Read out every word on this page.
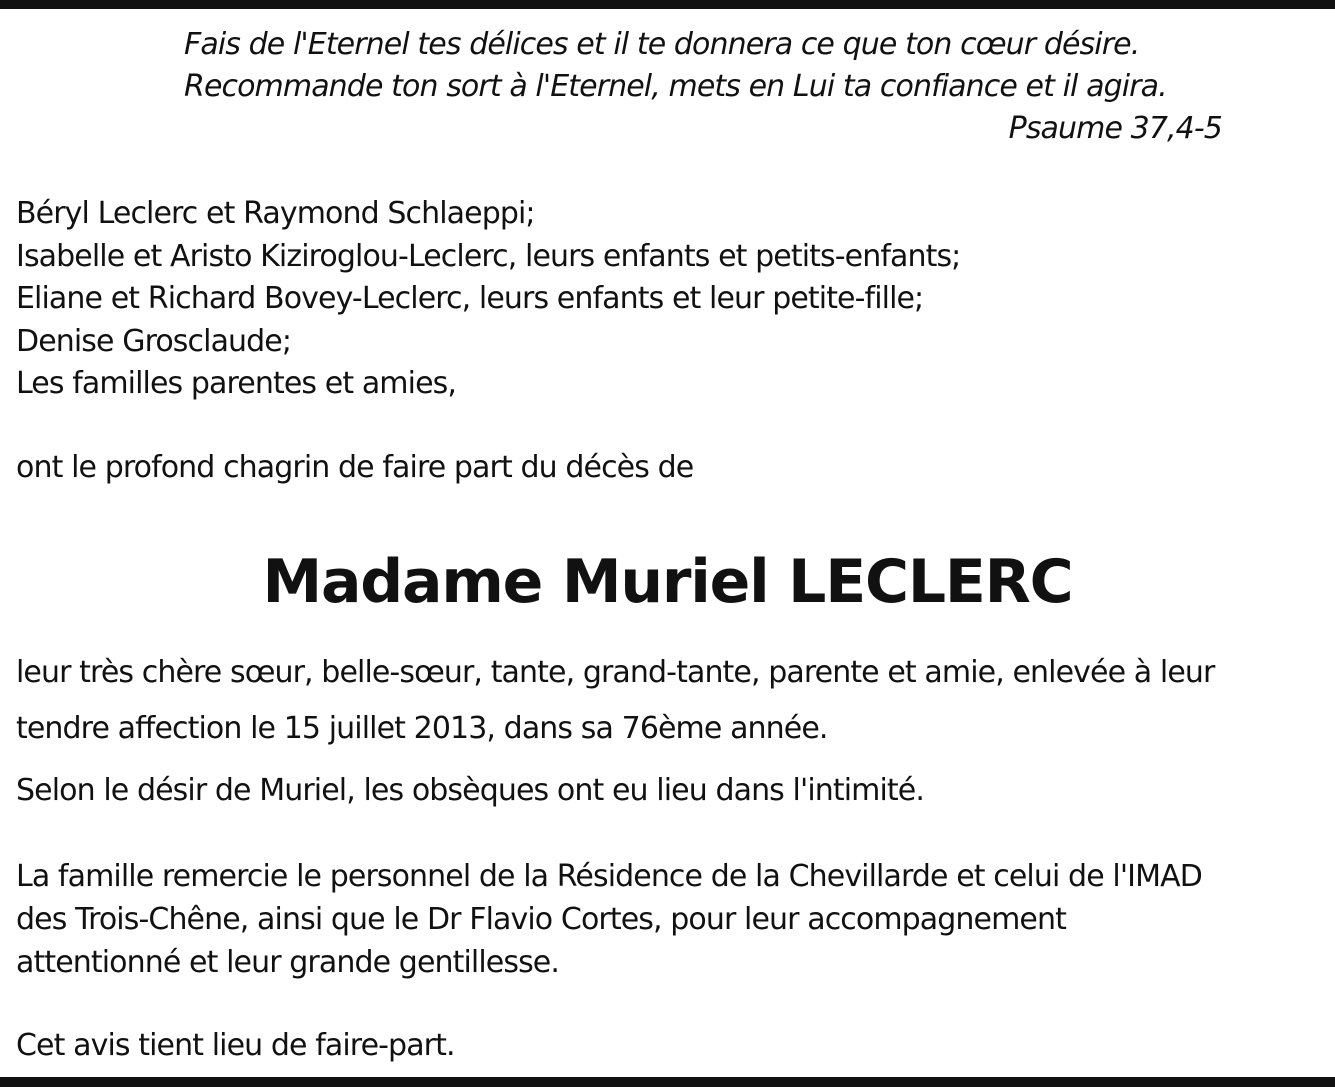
Fais de l'Eternel tes délices et il te donnera ce que ton cœur désire.
Recommande ton sort à l'Eternel, mets en Lui ta confiance et il agira.
Psaume 37,4-5
Béryl Leclerc et Raymond Schlaeppi;
Isabelle et Aristo Kiziroglou-Leclerc, leurs enfants et petits-enfants;
Eliane et Richard Bovey-Leclerc, leurs enfants et leur petite-fille;
Denise Grosclaude;
Les familles parentes et amies,
ont le profond chagrin de faire part du décès de
Madame Muriel LECLERC
leur très chère sœur, belle-sœur, tante, grand-tante, parente et amie, enlevée à leur
tendre affection le 15 juillet 2013, dans sa 76ème année.
Selon le désir de Muriel, les obsèques ont eu lieu dans l'intimité.
La famille remercie le personnel de la Résidence de la Chevillarde et celui de l'IMAD
des Trois-Chêne, ainsi que le Dr Flavio Cortes, pour leur accompagnement
attentionné et leur grande gentillesse.
Cet avis tient lieu de faire-part.
